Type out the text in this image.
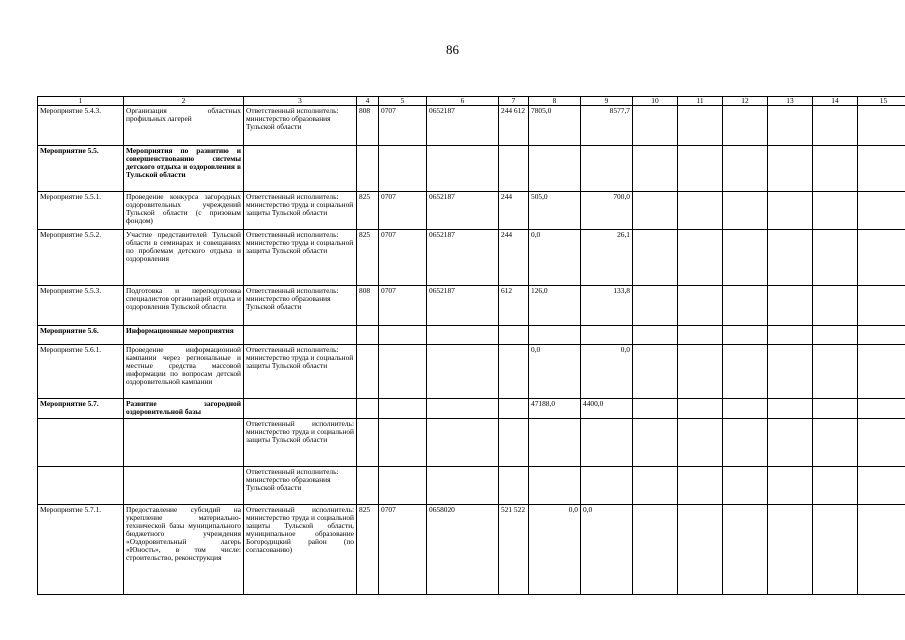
86
1	2	3	4	5	6	7	8	9	10	11	12	13	14	15
Мероприятие 5.4.3.	Организация областных профильных лагерей	Ответственный исполнитель: министерство образования Тульской области	808	0707	0652187	244 612	7805,0	8577,7						
Мероприятие 5.5.	Мероприятия по развитию и совершенствованию системы детского отдыха и оздоровления в Тульской области													
Мероприятие 5.5.1.	Проведение конкурса загородных оздоровительных учреждений Тульской области (с призовым фондом)	Ответственный исполнитель: министерство труда и социальной защиты Тульской области	825	0707	0652187	244	505,0	700,0						
Мероприятие 5.5.2.	Участие представителей Тульской области в семинарах и совещаниях по проблемам детского отдыха и оздоровления	Ответственный исполнитель: министерство труда и социальной защиты Тульской области	825	0707	0652187	244	0,0	26,1						
Мероприятие 5.5.3.	Подготовка и переподготовка специалистов организаций отдыха и оздоровления Тульской области	Ответственный исполнитель: министерство образования Тульской области	808	0707	0652187	612	126,0	133,8						
Мероприятие 5.6.	Информационные мероприятия													
Мероприятие 5.6.1.	Проведение информационной кампании через региональные и местные средства массовой информации по вопросам детской оздоровительной кампании	Ответственный исполнитель: министерство труда и социальной защиты Тульской области					0,0	0,0						
Мероприятие 5.7.	Развитие загородной оздоровительной базы						47188,0	4400,0						
		Ответственный исполнитель: министерство труда и социальной защиты Тульской области												
		Ответственный исполнитель: министерство образования Тульской области												
Мероприятие 5.7.1.	Предоставление субсидий на укрепление материально-технической базы муниципального бюджетного учреждения «Оздоровительный лагерь «Юность», в том числе: строительство, реконструкция	Ответственный исполнитель: министерство труда и социальной защиты Тульской области, муниципальное образование Богородицкий район (по согласованию)	825	0707	0658020	521 522	0,0	0,0						
